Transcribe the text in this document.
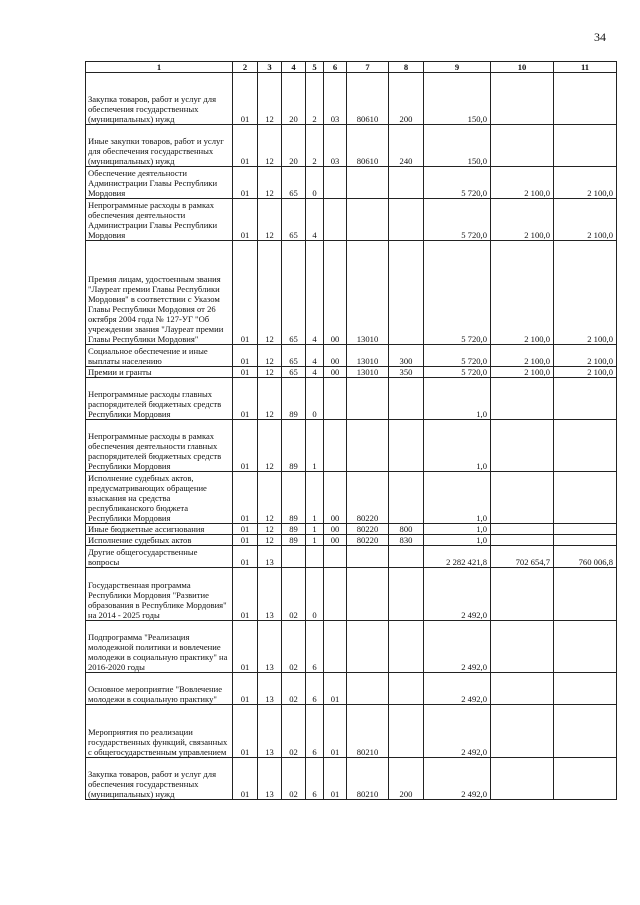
34
1	2	3	4	5	6	7	8	9	10	11
Закупка товаров, работ и услуг для обеспечения государственных (муниципальных) нужд	01	12	20	2	03	80610	200	150,0		
Иные закупки товаров, работ и услуг для обеспечения государственных (муниципальных) нужд	01	12	20	2	03	80610	240	150,0		
Обеспечение деятельности Администрации Главы Республики Мордовия	01	12	65	0				5 720,0	2 100,0	2 100,0
Непрограммные расходы в рамках обеспечения деятельности Администрации Главы Республики Мордовия	01	12	65	4				5 720,0	2 100,0	2 100,0
Премия лицам, удостоенным звания "Лауреат премии Главы Республики Мордовия" в соответствии с Указом Главы Республики Мордовия от 26 октября 2004 года № 127-УГ "Об учреждении звания "Лауреат премии Главы Республики Мордовия"	01	12	65	4	00	13010		5 720,0	2 100,0	2 100,0
Социальное обеспечение и иные выплаты населению	01	12	65	4	00	13010	300	5 720,0	2 100,0	2 100,0
Премии и гранты	01	12	65	4	00	13010	350	5 720,0	2 100,0	2 100,0
Непрограммные расходы главных распорядителей бюджетных средств Республики Мордовия	01	12	89	0				1,0		
Непрограммные расходы в рамках обеспечения деятельности главных распорядителей бюджетных средств Республики Мордовия	01	12	89	1				1,0		
Исполнение судебных актов, предусматривающих обращение взыскания на средства республиканского бюджета Республики Мордовия	01	12	89	1	00	80220		1,0		
Иные бюджетные ассигнования	01	12	89	1	00	80220	800	1,0		
Исполнение судебных актов	01	12	89	1	00	80220	830	1,0		
Другие общегосударственные вопросы	01	13						2 282 421,8	702 654,7	760 006,8
Государственная программа Республики Мордовия "Развитие образования в Республике Мордовия" на 2014 - 2025 годы	01	13	02	0				2 492,0		
Подпрограмма "Реализация молодежной политики и вовлечение молодежи в социальную практику" на 2016-2020 годы	01	13	02	6				2 492,0		
Основное мероприятие "Вовлечение молодежи в социальную практику"	01	13	02	6	01			2 492,0		
Мероприятия по реализации государственных функций, связанных с общегосударственным управлением	01	13	02	6	01	80210		2 492,0		
Закупка товаров, работ и услуг для обеспечения государственных (муниципальных) нужд	01	13	02	6	01	80210	200	2 492,0		
